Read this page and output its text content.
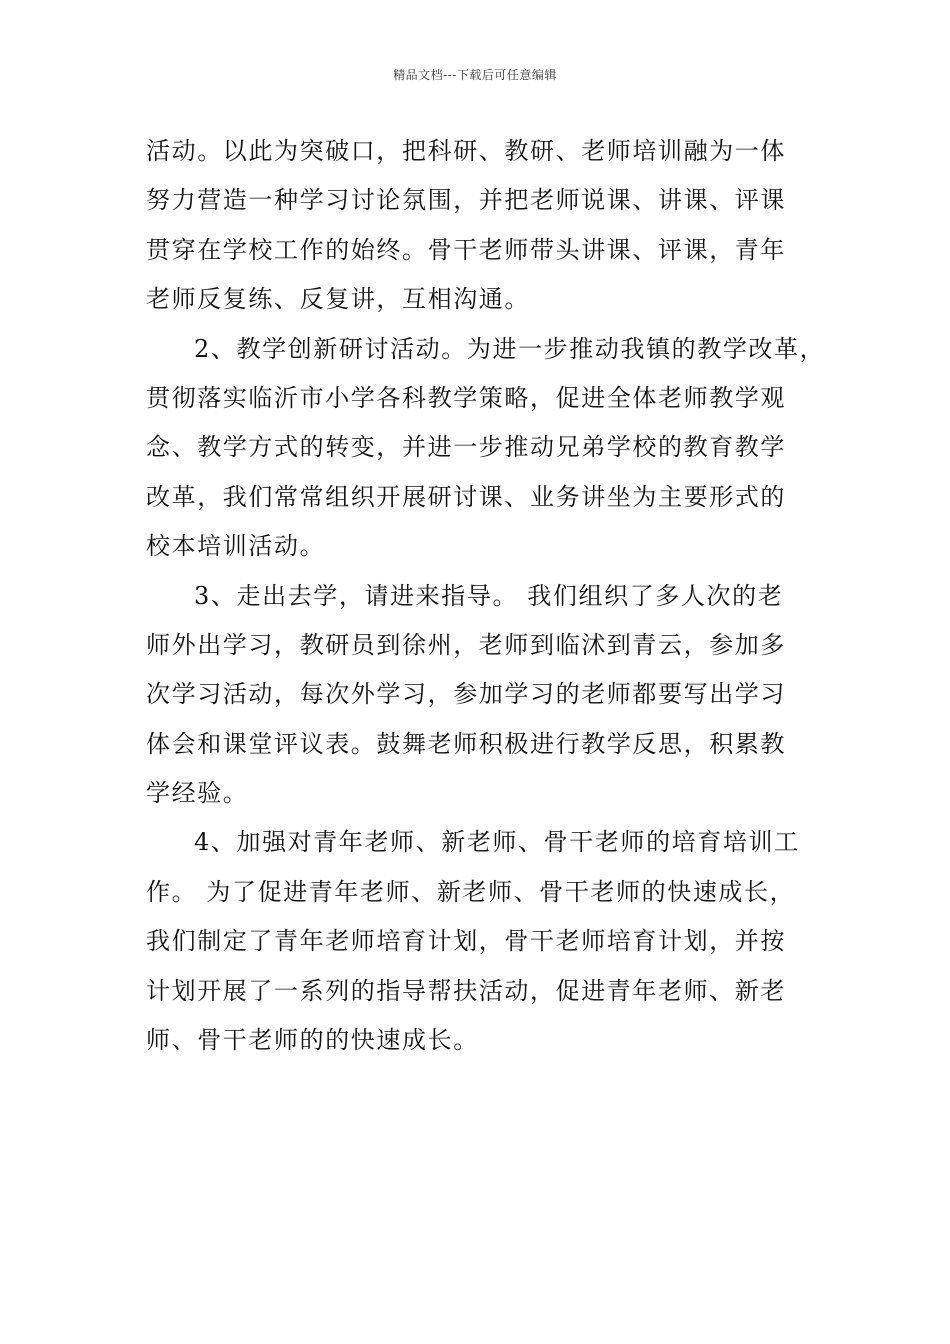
精品文档---下载后可任意编辑
活动。以此为突破口，把科研、教研、老师培训融为一体
努力营造一种学习讨论氛围，并把老师说课、讲课、评课
贯穿在学校工作的始终。骨干老师带头讲课、评课，青年
老师反复练、反复讲，互相沟通。
2、教学创新研讨活动。为进一步推动我镇的教学改革，
贯彻落实临沂市小学各科教学策略，促进全体老师教学观
念、教学方式的转变，并进一步推动兄弟学校的教育教学
改革，我们常常组织开展研讨课、业务讲坐为主要形式的
校本培训活动。
3、走出去学，请进来指导。 我们组织了多人次的老
师外出学习，教研员到徐州，老师到临沭到青云，参加多
次学习活动，每次外学习，参加学习的老师都要写出学习
体会和课堂评议表。鼓舞老师积极进行教学反思，积累教
学经验。
4、加强对青年老师、新老师、骨干老师的培育培训工
作。 为了促进青年老师、新老师、骨干老师的快速成长，
我们制定了青年老师培育计划，骨干老师培育计划，并按
计划开展了一系列的指导帮扶活动，促进青年老师、新老
师、骨干老师的的快速成长。
